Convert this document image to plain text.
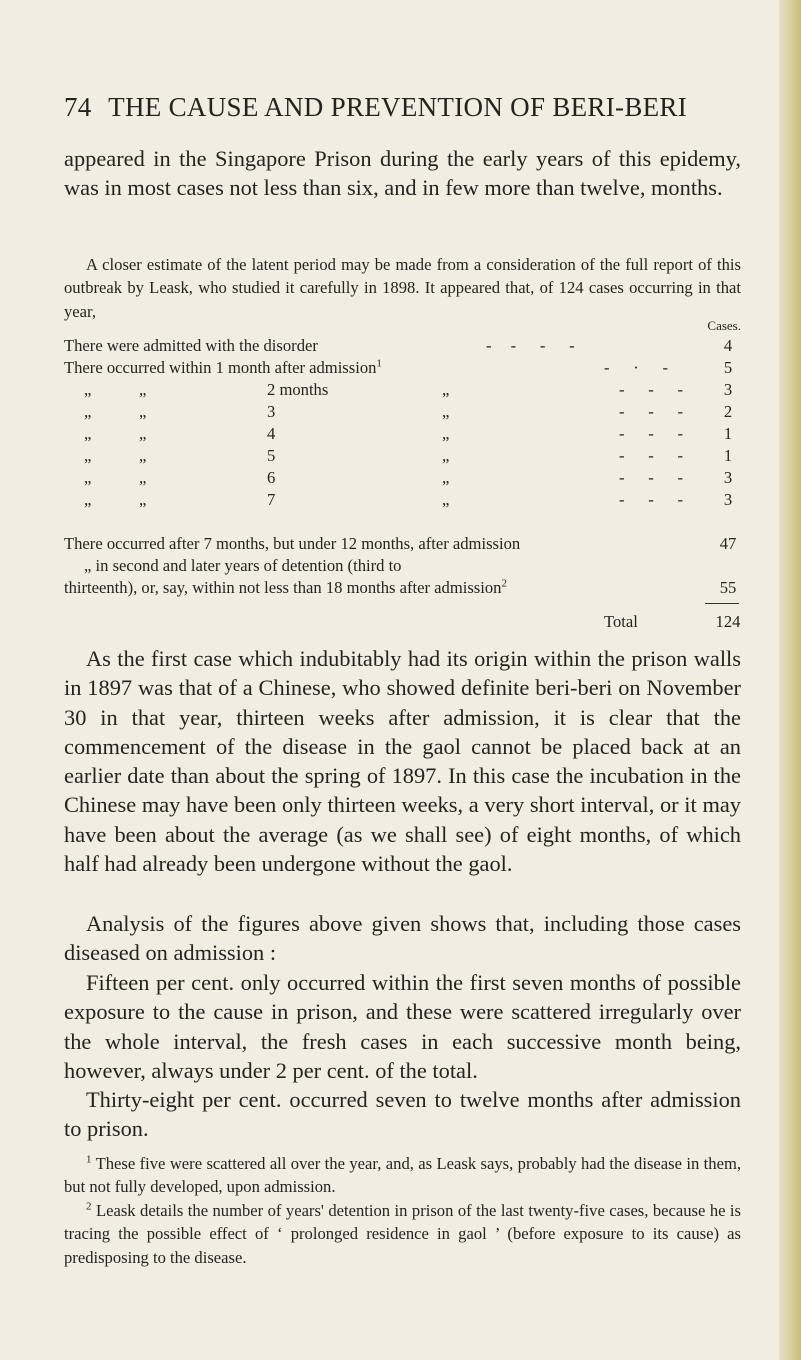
74 THE CAUSE AND PREVENTION OF BERI-BERI

appeared in the Singapore Prison during the early years of this epidemy, was in most cases not less than six, and in few more than twelve, months.

A closer estimate of the latent period may be made from a consideration of the full report of this outbreak by Leask, who studied it carefully in 1898. It appeared that, of 124 cases occurring in that year,

Cases.
There were admitted with the disorder	-    -     -     -	4
There occurred within 1 month after admission$^1$	-     ·     -	5
„	„	2 months	„	-     -     -	3
„	„	3	„	-     -     -	2
„	„	4	„	-     -     -	1
„	„	5	„	-     -     -	1
„	„	6	„	-     -     -	3
„	„	7	„	-     -     -	3
There occurred after 7 months, but under 12 months, after admission	47
„ in second and later years of detention (third to
thirteenth), or, say, within not less than 18 months after admission$^2$	55
Total	124

As the first case which indubitably had its origin within the prison walls in 1897 was that of a Chinese, who showed definite beri-beri on November 30 in that year, thirteen weeks after admission, it is clear that the commencement of the disease in the gaol cannot be placed back at an earlier date than about the spring of 1897. In this case the incubation in the Chinese may have been only thirteen weeks, a very short interval, or it may have been about the average (as we shall see) of eight months, of which half had already been undergone without the gaol.

Analysis of the figures above given shows that, including those cases diseased on admission :

Fifteen per cent. only occurred within the first seven months of possible exposure to the cause in prison, and these were scattered irregularly over the whole interval, the fresh cases in each successive month being, however, always under 2 per cent. of the total.

Thirty-eight per cent. occurred seven to twelve months after admission to prison.

$^1$ These five were scattered all over the year, and, as Leask says, probably had the disease in them, but not fully developed, upon admission.

$^2$ Leask details the number of years' detention in prison of the last twenty-five cases, because he is tracing the possible effect of ‘ prolonged residence in gaol ’ (before exposure to its cause) as predisposing to the disease.
